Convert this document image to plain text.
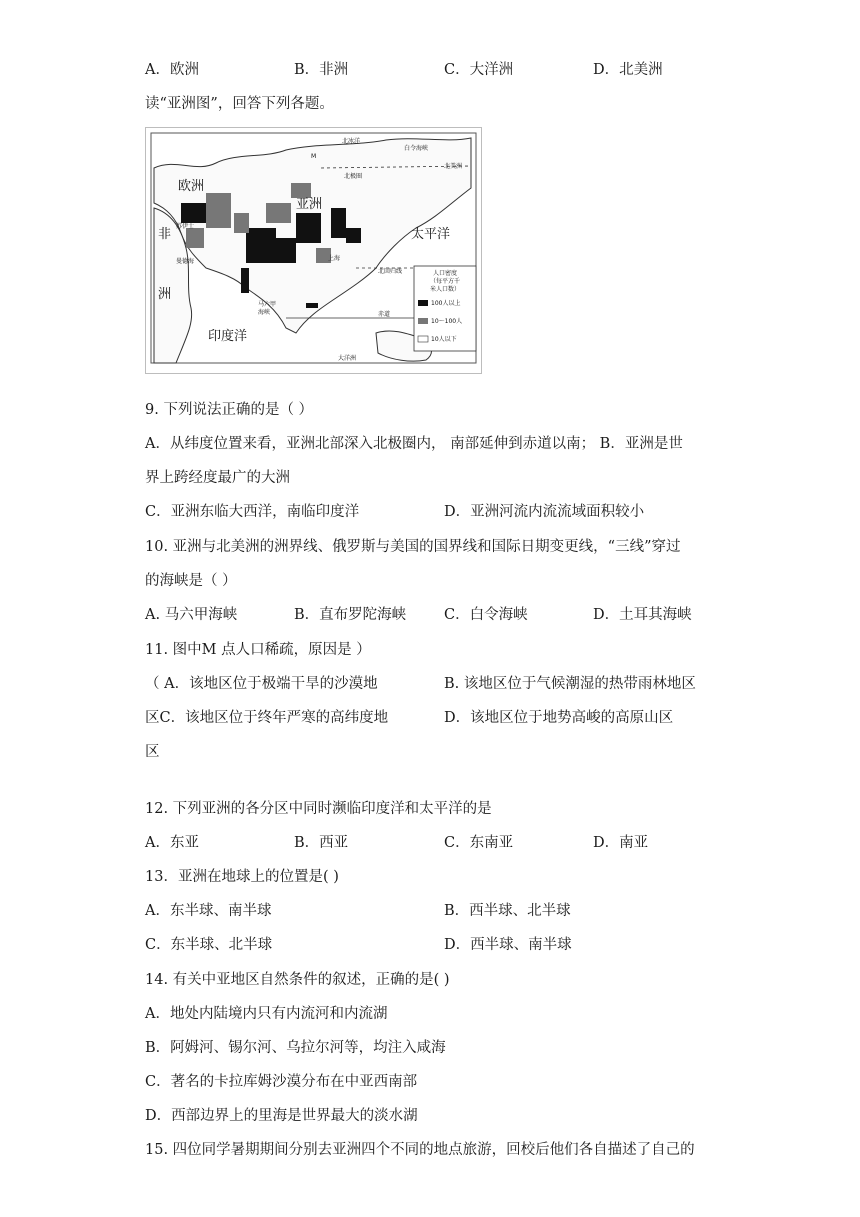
A．欧洲	B．非洲	C．大洋洲	D．北美洲
读“亚洲图”，回答下列各题。
人口密度
（每平方千
米人口数）
100人以上
10～100人
10人以下
北冰洋
白令海峡
北美洲
M
北极圈
欧洲
亚洲
太平洋
非
洲
苏伊士
曼德海	上海
北回归线
马六甲
海峡	赤道
印度洋
大洋洲
9. 下列说法正确的是（ ）
A．从纬度位置来看，亚洲北部深入北极圈内， 南部延伸到赤道以南； B．亚洲是世
界上跨经度最广的大洲
C．亚洲东临大西洋，南临印度洋	D．亚洲河流内流流域面积较小
10. 亚洲与北美洲的洲界线、俄罗斯与美国的国界线和国际日期变更线，“三线”穿过
的海峡是（ ）
A. 马六甲海峡	B．直布罗陀海峡	C．白令海峡	D．土耳其海峡
11. 图中M 点人口稀疏，原因是 ）
（ A．该地区位于极端干旱的沙漠地	B. 该地区位于气候潮湿的热带雨林地区
区C．该地区位于终年严寒的高纬度地	D．该地区位于地势高峻的高原山区
区
12. 下列亚洲的各分区中同时濒临印度洋和太平洋的是
A．东亚	B．西亚	C．东南亚	D．南亚
13．亚洲在地球上的位置是( )
A．东半球、南半球	B．西半球、北半球
C．东半球、北半球	D．西半球、南半球
14. 有关中亚地区自然条件的叙述，正确的是( )
A．地处内陆境内只有内流河和内流湖
B．阿姆河、锡尔河、乌拉尔河等，均注入咸海
C．著名的卡拉库姆沙漠分布在中亚西南部
D．西部边界上的里海是世界最大的淡水湖
15. 四位同学暑期期间分别去亚洲四个不同的地点旅游，回校后他们各自描述了自己的
